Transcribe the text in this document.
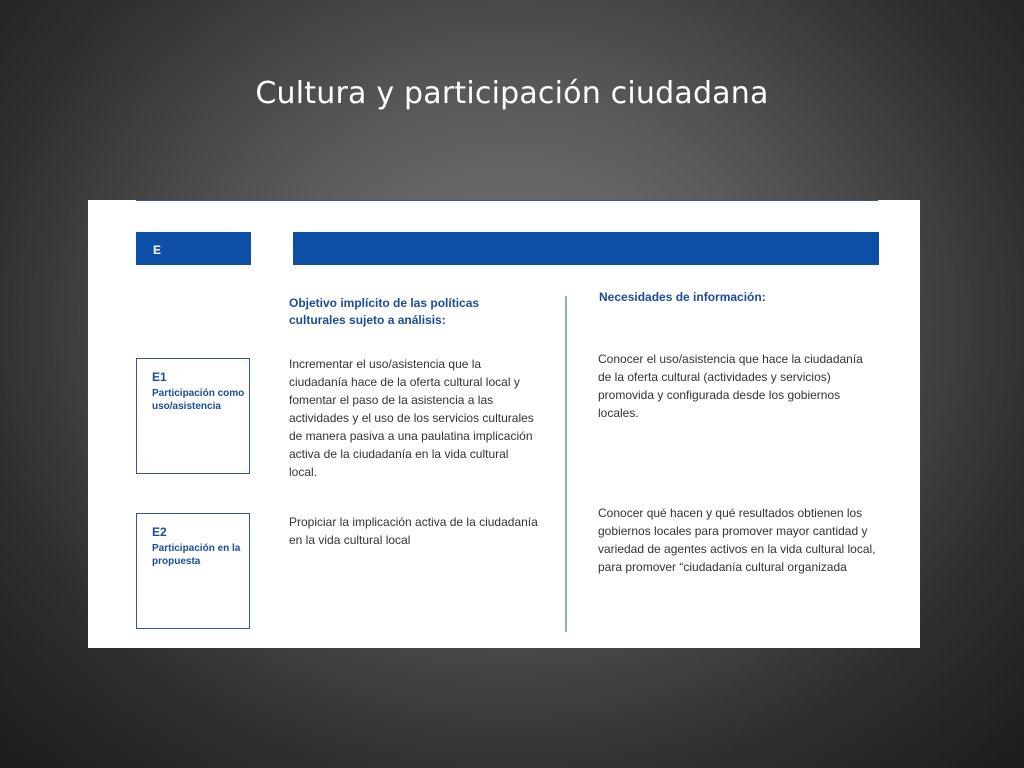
Cultura y participación ciudadana
E
Objetivo implícito de las políticas culturales sujeto a análisis:
Necesidades de información:
E1
Participación como uso/asistencia
Incrementar el uso/asistencia que la ciudadanía hace de la oferta cultural local y fomentar el paso de la asistencia a las actividades y el uso de los servicios culturales de manera pasiva a una paulatina implicación activa de la ciudadanía en la vida cultural local.
Conocer el uso/asistencia que hace la ciudadanía de la oferta cultural (actividades y servicios) promovida y configurada desde los gobiernos locales.
E2
Participación en la propuesta
Propiciar la implicación activa de la ciudadanía en la vida cultural local
Conocer qué hacen y qué resultados obtienen los gobiernos locales para promover mayor cantidad y variedad de agentes activos en la vida cultural local, para promover “ciudadanía cultural organizada
